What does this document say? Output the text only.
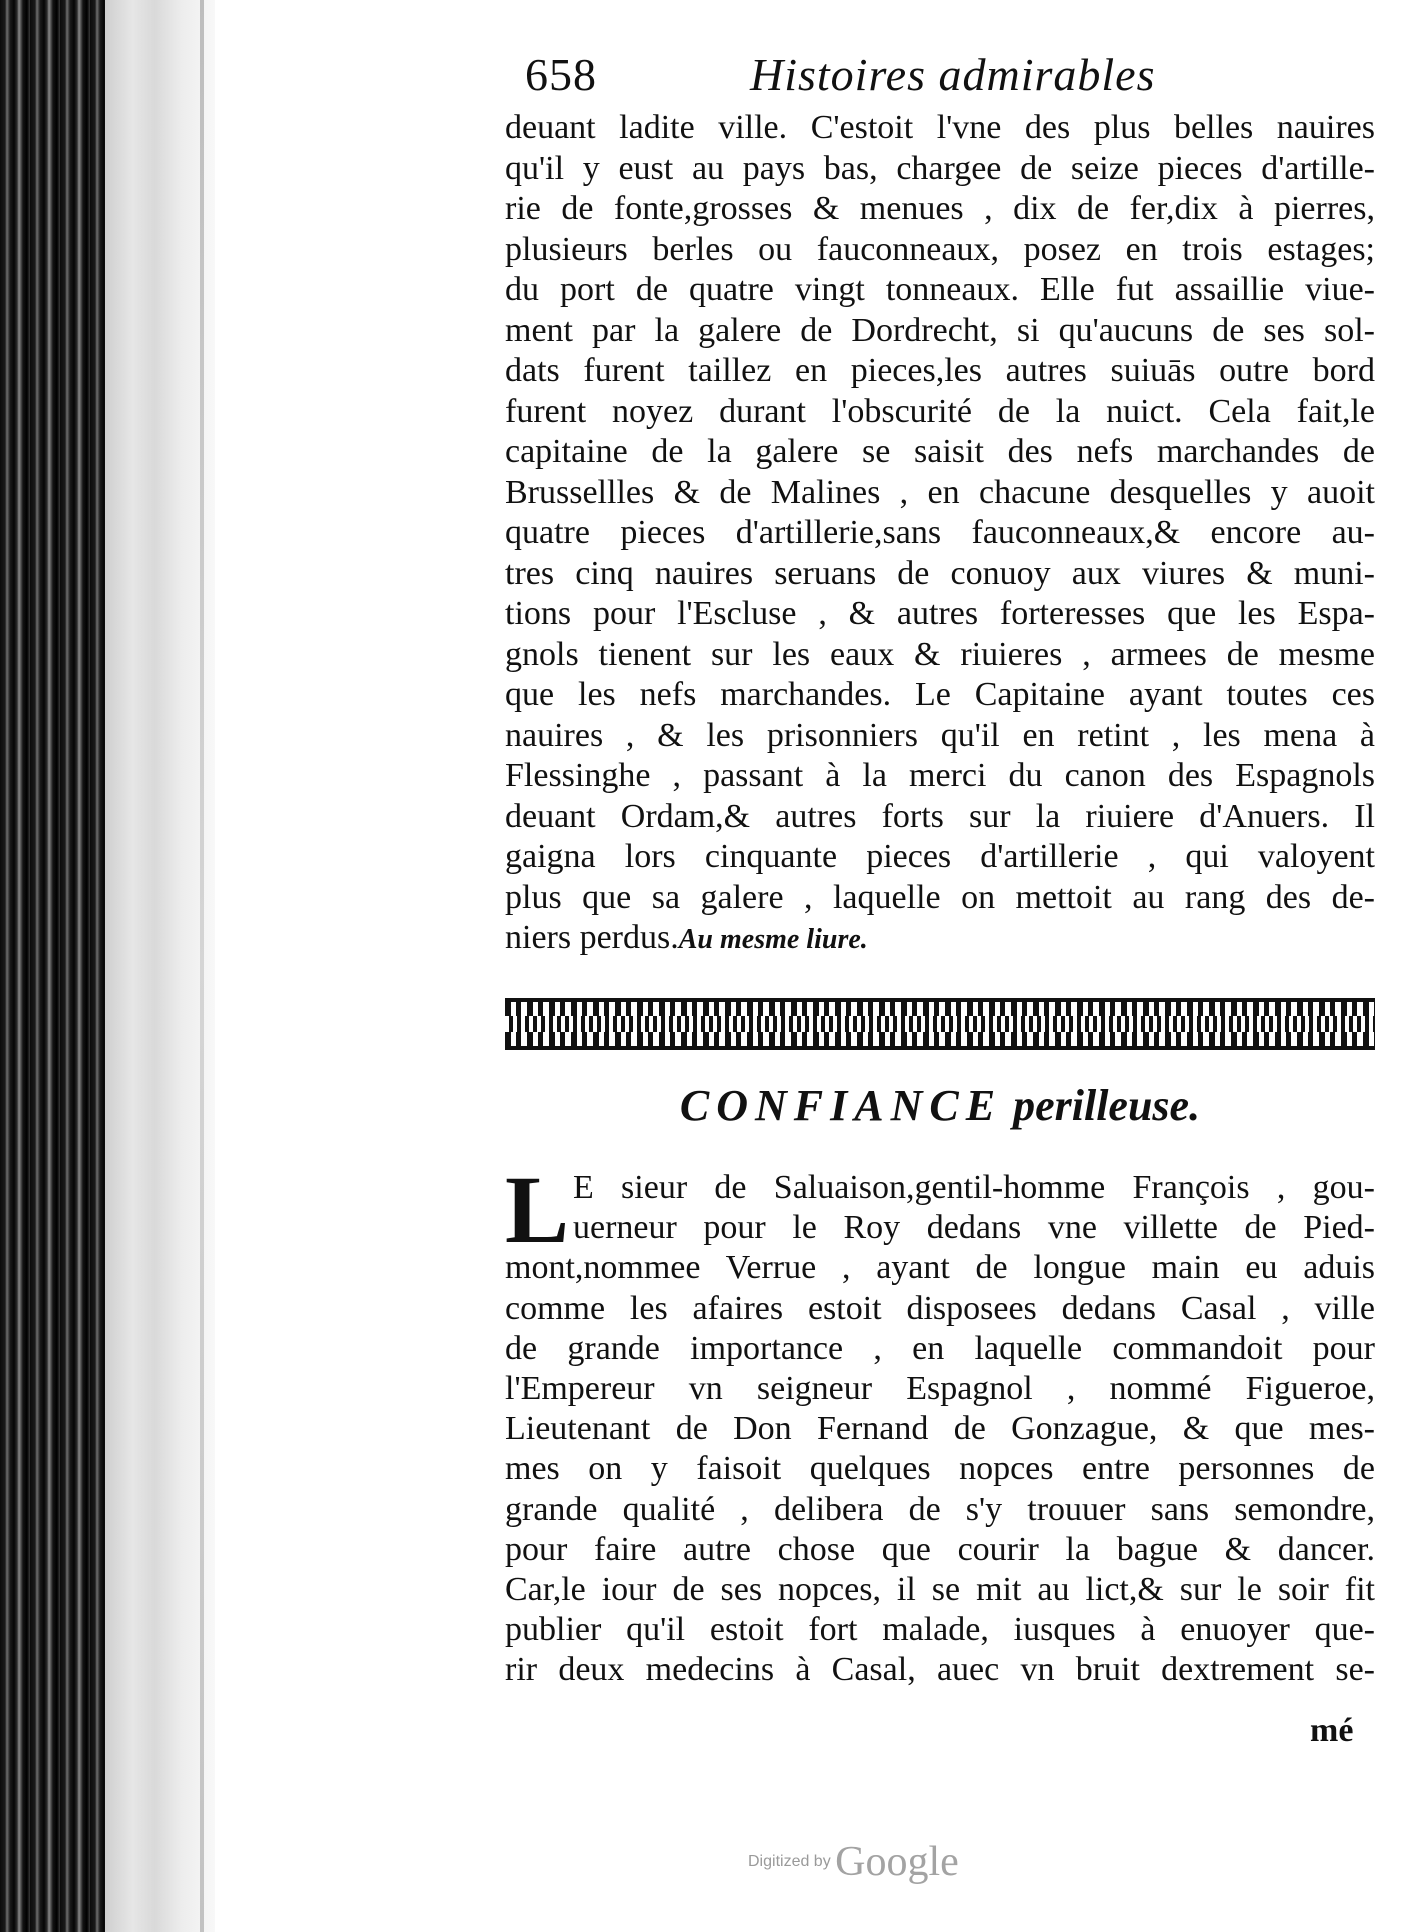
658	Histoires admirables
deuant ladite ville. C'estoit l'vne des plus belles nauires
qu'il y eust au pays bas, chargee de seize pieces d'artille-
rie de fonte,grosses & menues , dix de fer,dix à pierres,
plusieurs berles ou fauconneaux, posez en trois estages;
du port de quatre vingt tonneaux. Elle fut assaillie viue-
ment par la galere de Dordrecht, si qu'aucuns de ses sol-
dats furent taillez en pieces,les autres suiuās outre bord
furent noyez durant l'obscurité de la nuict. Cela fait,le
capitaine de la galere se saisit des nefs marchandes de
Brussellles & de Malines , en chacune desquelles y auoit
quatre pieces d'artillerie,sans fauconneaux,& encore au-
tres cinq nauires seruans de conuoy aux viures & muni-
tions pour l'Escluse , & autres forteresses que les Espa-
gnols tienent sur les eaux & riuieres , armees de mesme
que les nefs marchandes. Le Capitaine ayant toutes ces
nauires , & les prisonniers qu'il en retint , les mena à
Flessinghe , passant à la merci du canon des Espagnols
deuant Ordam,& autres forts sur la riuiere d'Anuers. Il
gaigna lors cinquante pieces d'artillerie , qui valoyent
plus que sa galere , laquelle on mettoit au rang des de-
niers perdus.Au mesme liure.
CONFIANCE perilleuse.
L E sieur de Saluaison,gentil-homme François , gou-
uerneur pour le Roy dedans vne villette de Pied-
mont,nommee Verrue , ayant de longue main eu aduis
comme les afaires estoit disposees dedans Casal , ville
de grande importance , en laquelle commandoit pour
l'Empereur vn seigneur Espagnol , nommé Figueroe,
Lieutenant de Don Fernand de Gonzague, & que mes-
mes on y faisoit quelques nopces entre personnes de
grande qualité , delibera de s'y trouuer sans semondre,
pour faire autre chose que courir la bague & dancer.
Car,le iour de ses nopces, il se mit au lict,& sur le soir fit
publier qu'il estoit fort malade, iusques à enuoyer que-
rir deux medecins à Casal, auec vn bruit dextrement se-
mé
Digitized by Google
